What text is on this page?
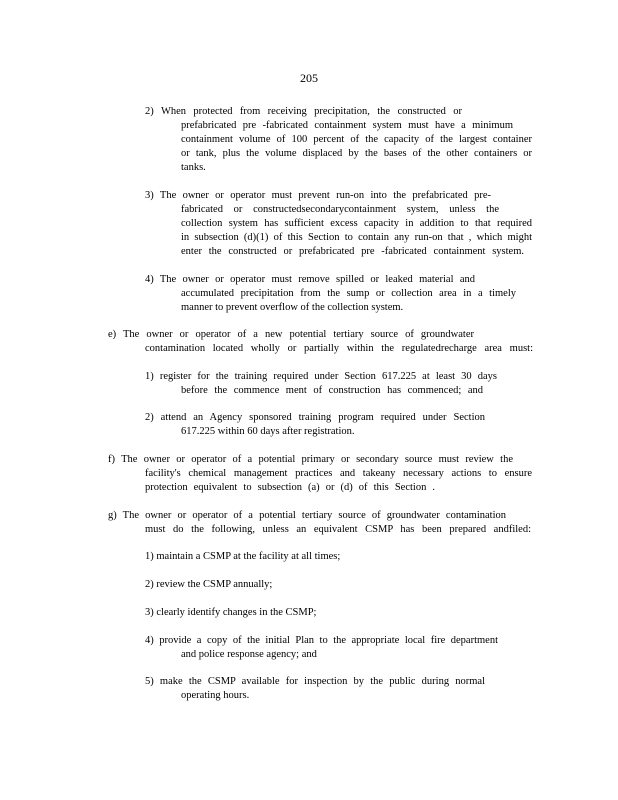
205
2) When protected from receiving precipitation, the constructed or
prefabricated pre -fabricated containment system must have a minimum
containment volume of 100 percent of the capacity of the largest container
or tank, plus the volume displaced by the bases of the other containers or
tanks.
3) The owner or operator must prevent run-on into the prefabricated pre-
fabricated or constructedsecondarycontainment system, unless the
collection system has sufficient excess capacity in addition to that required
in subsection (d)(1) of this Section to contain any run-on that , which might
enter the constructed or prefabricated pre -fabricated containment system.
4) The owner or operator must remove spilled or leaked material and
accumulated precipitation from the sump or collection area in a timely
manner to prevent overflow of the collection system.
e) The owner or operator of a new potential tertiary source of groundwater
contamination located wholly or partially within the regulatedrecharge area must:
1) register for the training required under Section 617.225 at least 30 days
before the commence ment of construction has commenced; and
2) attend an Agency sponsored training program required under Section
617.225 within 60 days after registration.
f) The owner or operator of a potential primary or secondary source must review the
facility's chemical management practices and takeany necessary actions to ensure
protection equivalent to subsection (a) or (d) of this Section .
g) The owner or operator of a potential tertiary source of groundwater contamination
must do the following, unless an equivalent CSMP has been prepared andfiled:
1) maintain a CSMP at the facility at all times;
2) review the CSMP annually;
3) clearly identify changes in the CSMP;
4) provide a copy of the initial Plan to the appropriate local fire department
and police response agency; and
5) make the CSMP available for inspection by the public during normal
operating hours.
